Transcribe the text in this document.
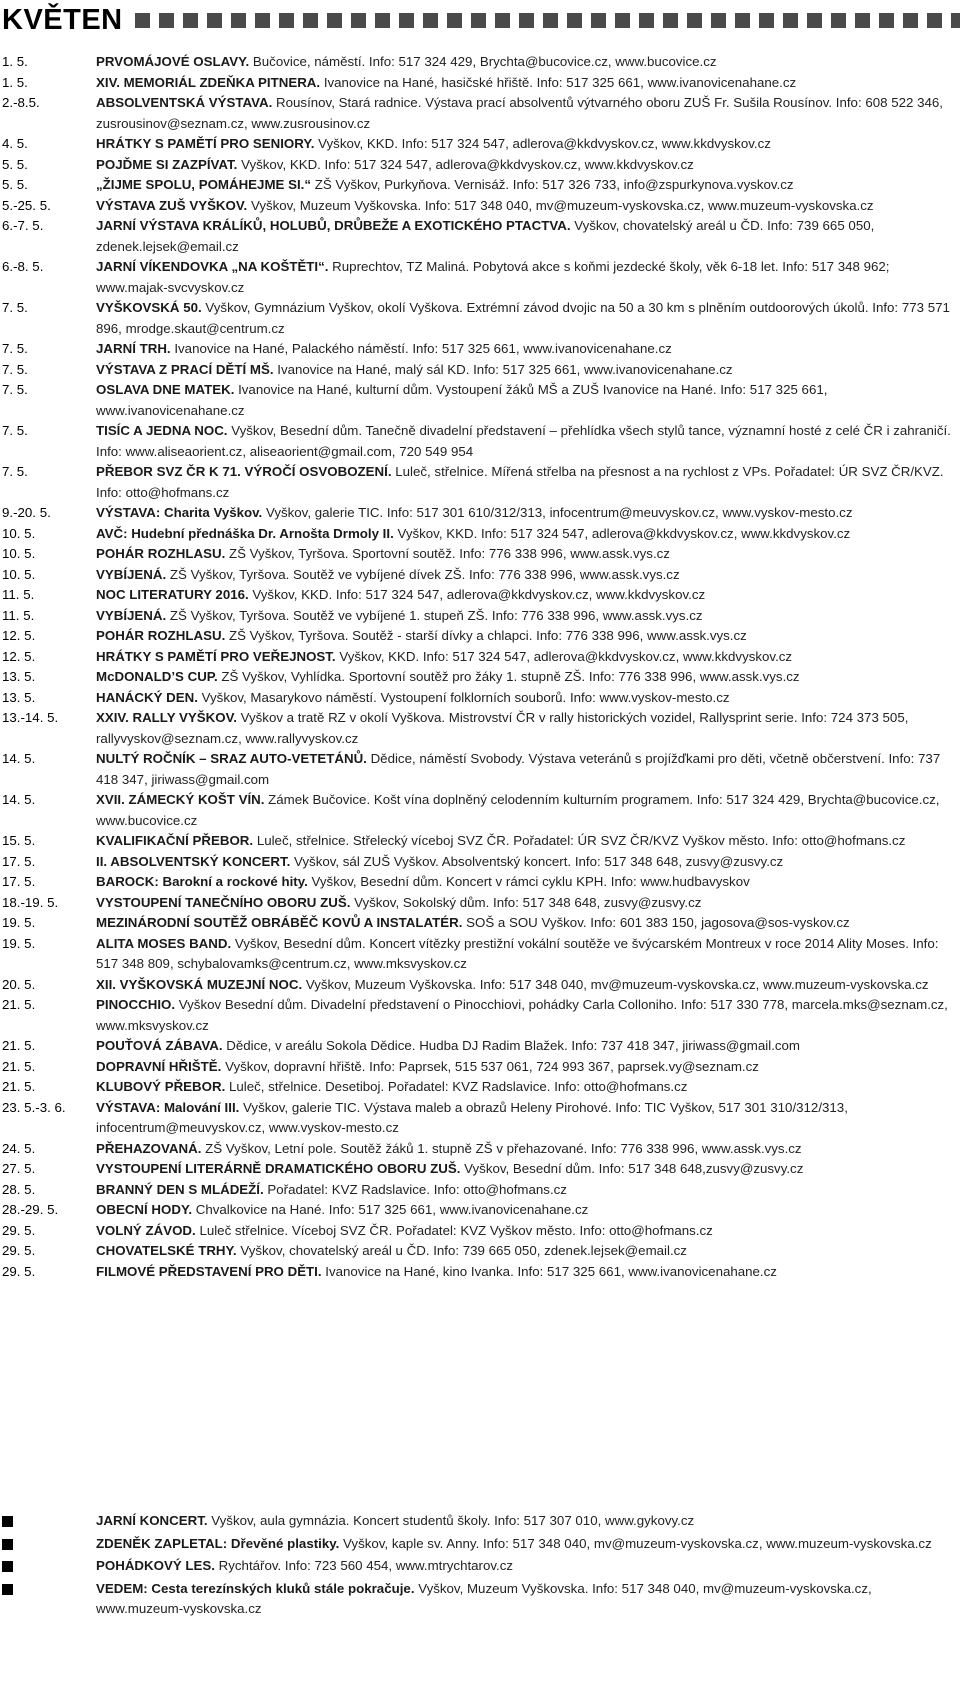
KVĚTEN
1. 5.	PRVOMÁJOVÉ OSLAVY. Bučovice, náměstí. Info: 517 324 429, Brychta@bucovice.cz, www.bucovice.cz
1. 5.	XIV. MEMORIÁL ZDEŇKA PITNERA. Ivanovice na Hané, hasičské hřiště. Info: 517 325 661, www.ivanovicenahane.cz
2.-8.5.	ABSOLVENTSKÁ VÝSTAVA. Rousínov, Stará radnice. Výstava prací absolventů výtvarného oboru ZUŠ Fr. Sušila Rousínov. Info: 608 522 346, zusrousinov@seznam.cz, www.zusrousinov.cz
4. 5.	HRÁTKY S PAMĚTÍ PRO SENIORY. Vyškov, KKD. Info: 517 324 547, adlerova@kkdvyskov.cz, www.kkdvyskov.cz
5. 5.	POJĎME SI ZAZPÍVAT. Vyškov, KKD. Info: 517 324 547, adlerova@kkdvyskov.cz, www.kkdvyskov.cz
5. 5.	„ŽIJME SPOLU, POMÁHEJME SI.“ ZŠ Vyškov, Purkyňova. Vernisáž. Info: 517 326 733, info@zspurkynova.vyskov.cz
5.-25. 5.	VÝSTAVA ZUŠ VYŠKOV. Vyškov, Muzeum Vyškovska. Info: 517 348 040, mv@muzeum-vyskovska.cz, www.muzeum-vyskovska.cz
6.-7. 5.	JARNÍ VÝSTAVA KRÁLÍKŮ, HOLUBŮ, DRŮBEŽE A EXOTICKÉHO PTACTVA. Vyškov, chovatelský areál u ČD. Info: 739 665 050, zdenek.lejsek@email.cz
6.-8. 5.	JARNÍ VÍKENDOVKA „NA KOŠTĚTI“. Ruprechtov, TZ Maliná. Pobytová akce s koňmi jezdecké školy, věk 6-18 let. Info: 517 348 962; www.majak-svcvyskov.cz
7. 5.	VYŠKOVSKÁ 50. Vyškov, Gymnázium Vyškov, okolí Vyškova. Extrémní závod dvojic na 50 a 30 km s plněním outdoorových úkolů. Info: 773 571 896, mrodge.skaut@centrum.cz
7. 5.	JARNÍ TRH. Ivanovice na Hané, Palackého náměstí. Info: 517 325 661, www.ivanovicenahane.cz
7. 5.	VÝSTAVA Z PRACÍ DĚTÍ MŠ. Ivanovice na Hané, malý sál KD. Info: 517 325 661, www.ivanovicenahane.cz
7. 5.	OSLAVA DNE MATEK. Ivanovice na Hané, kulturní dům. Vystoupení žáků MŠ a ZUŠ Ivanovice na Hané. Info: 517 325 661, www.ivanovicenahane.cz
7. 5.	TISÍC A JEDNA NOC. Vyškov, Besední dům. Tanečně divadelní představení – přehlídka všech stylů tance, významní hosté z celé ČR i zahraničí. Info: www.aliseaorient.cz, aliseaorient@gmail.com, 720 549 954
7. 5.	PŘEBOR SVZ ČR K 71. VÝROČÍ OSVOBOZENÍ. Luleč, střelnice. Mířená střelba na přesnost a na rychlost z VPs. Pořadatel: ÚR SVZ ČR/KVZ. Info: otto@hofmans.cz
9.-20. 5.	VÝSTAVA: Charita Vyškov. Vyškov, galerie TIC. Info: 517 301 610/312/313, infocentrum@meuvyskov.cz, www.vyskov-mesto.cz
10. 5.	AVČ: Hudební přednáška Dr. Arnošta Drmoly II. Vyškov, KKD. Info: 517 324 547, adlerova@kkdvyskov.cz, www.kkdvyskov.cz
10. 5.	POHÁR ROZHLASU. ZŠ Vyškov, Tyršova. Sportovní soutěž. Info: 776 338 996, www.assk.vys.cz
10. 5.	VYBÍJENÁ. ZŠ Vyškov, Tyršova. Soutěž ve vybíjené dívek ZŠ. Info: 776 338 996, www.assk.vys.cz
11. 5.	NOC LITERATURY 2016. Vyškov, KKD. Info: 517 324 547, adlerova@kkdvyskov.cz, www.kkdvyskov.cz
11. 5.	VYBÍJENÁ. ZŠ Vyškov, Tyršova. Soutěž ve vybíjené 1. stupeň ZŠ. Info: 776 338 996, www.assk.vys.cz
12. 5.	POHÁR ROZHLASU. ZŠ Vyškov, Tyršova. Soutěž - starší dívky a chlapci. Info: 776 338 996, www.assk.vys.cz
12. 5.	HRÁTKY S PAMĚTÍ PRO VEŘEJNOST. Vyškov, KKD. Info: 517 324 547, adlerova@kkdvyskov.cz, www.kkdvyskov.cz
13. 5.	McDONALD’S CUP. ZŠ Vyškov, Vyhlídka. Sportovní soutěž pro žáky 1. stupně ZŠ. Info: 776 338 996, www.assk.vys.cz
13. 5.	HANÁCKÝ DEN. Vyškov, Masarykovo náměstí. Vystoupení folklorních souborů. Info: www.vyskov-mesto.cz
13.-14. 5.	XXIV. RALLY VYŠKOV. Vyškov a tratě RZ v okolí Vyškova. Mistrovství ČR v rally historických vozidel, Rallysprint serie. Info: 724 373 505, rallyvyskov@seznam.cz, www.rallyvyskov.cz
14. 5.	NULTÝ ROČNÍK – SRAZ AUTO-VETETÁNŮ. Dědice, náměstí Svobody. Výstava veteránů s projížďkami pro děti, včetně občerstvení. Info: 737 418 347, jiriwass@gmail.com
14. 5.	XVII. ZÁMECKÝ KOŠT VÍN. Zámek Bučovice. Košt vína doplněný celodenním kulturním programem. Info: 517 324 429, Brychta@bucovice.cz, www.bucovice.cz
15. 5.	KVALIFIKAČNÍ PŘEBOR. Luleč, střelnice. Střelecký víceboj SVZ ČR. Pořadatel: ÚR SVZ ČR/KVZ Vyškov město. Info: otto@hofmans.cz
17. 5.	II. ABSOLVENTSKÝ KONCERT. Vyškov, sál ZUŠ Vyškov. Absolventský koncert. Info: 517 348 648, zusvy@zusvy.cz
17. 5.	BAROCK: Barokní a rockové hity. Vyškov, Besední dům. Koncert v rámci cyklu KPH. Info: www.hudbavyskov
18.-19. 5.	VYSTOUPENÍ TANEČNÍHO OBORU ZUŠ. Vyškov, Sokolský dům. Info: 517 348 648, zusvy@zusvy.cz
19. 5.	MEZINÁRODNÍ SOUTĚŽ OBRÁBĚČ KOVŮ A INSTALATÉR. SOŠ a SOU Vyškov. Info: 601 383 150, jagosova@sos-vyskov.cz
19. 5.	ALITA MOSES BAND. Vyškov, Besední dům. Koncert vítězky prestižní vokální soutěže ve švýcarském Montreux v roce 2014 Ality Moses. Info: 517 348 809, schybalovamks@centrum.cz, www.mksvyskov.cz
20. 5.	XII. VYŠKOVSKÁ MUZEJNÍ NOC. Vyškov, Muzeum Vyškovska. Info: 517 348 040, mv@muzeum-vyskovska.cz, www.muzeum-vyskovska.cz
21. 5.	PINOCCHIO. Vyškov Besední dům. Divadelní představení o Pinocchiovi, pohádky Carla Colloniho. Info: 517 330 778, marcela.mks@seznam.cz, www.mksvyskov.cz
21. 5.	POUŤOVÁ ZÁBAVA. Dědice, v areálu Sokola Dědice. Hudba DJ Radim Blažek. Info: 737 418 347, jiriwass@gmail.com
21. 5.	DOPRAVNÍ HŘIŠTĚ. Vyškov, dopravní hřiště. Info: Paprsek, 515 537 061, 724 993 367, paprsek.vy@seznam.cz
21. 5.	KLUBOVÝ PŘEBOR. Luleč, střelnice. Desetiboj. Pořadatel: KVZ Radslavice. Info: otto@hofmans.cz
23. 5.-3. 6.	VÝSTAVA: Malování III. Vyškov, galerie TIC. Výstava maleb a obrazů Heleny Pirohové. Info: TIC Vyškov, 517 301 310/312/313, infocentrum@meuvyskov.cz, www.vyskov-mesto.cz
24. 5.	PŘEHAZOVANÁ. ZŠ Vyškov, Letní pole. Soutěž žáků 1. stupně ZŠ v přehazované. Info: 776 338 996, www.assk.vys.cz
27. 5.	VYSTOUPENÍ LITERÁRNĚ DRAMATICKÉHO OBORU ZUŠ. Vyškov, Besední dům. Info: 517 348 648,zusvy@zusvy.cz
28. 5.	BRANNÝ DEN S MLÁDEŽÍ. Pořadatel: KVZ Radslavice. Info: otto@hofmans.cz
28.-29. 5.	OBECNÍ HODY. Chvalkovice na Hané. Info: 517 325 661, www.ivanovicenahane.cz
29. 5.	VOLNÝ ZÁVOD. Luleč střelnice. Víceboj SVZ ČR. Pořadatel: KVZ Vyškov město. Info: otto@hofmans.cz
29. 5.	CHOVATELSKÉ TRHY. Vyškov, chovatelský areál u ČD. Info: 739 665 050, zdenek.lejsek@email.cz
29. 5.	FILMOVÉ PŘEDSTAVENÍ PRO DĚTI. Ivanovice na Hané, kino Ivanka. Info: 517 325 661, www.ivanovicenahane.cz
JARNÍ KONCERT. Vyškov, aula gymnázia. Koncert studentů školy. Info: 517 307 010, www.gykovy.cz
ZDENĚK ZAPLETAL: Dřevěné plastiky. Vyškov, kaple sv. Anny. Info: 517 348 040, mv@muzeum-vyskovska.cz, www.muzeum-vyskovska.cz
POHÁDKOVÝ LES. Rychtářov. Info: 723 560 454, www.mtrychtarov.cz
VEDEM: Cesta terezínských kluků stále pokračuje. Vyškov, Muzeum Vyškovska. Info: 517 348 040, mv@muzeum-vyskovska.cz, www.muzeum-vyskovska.cz
